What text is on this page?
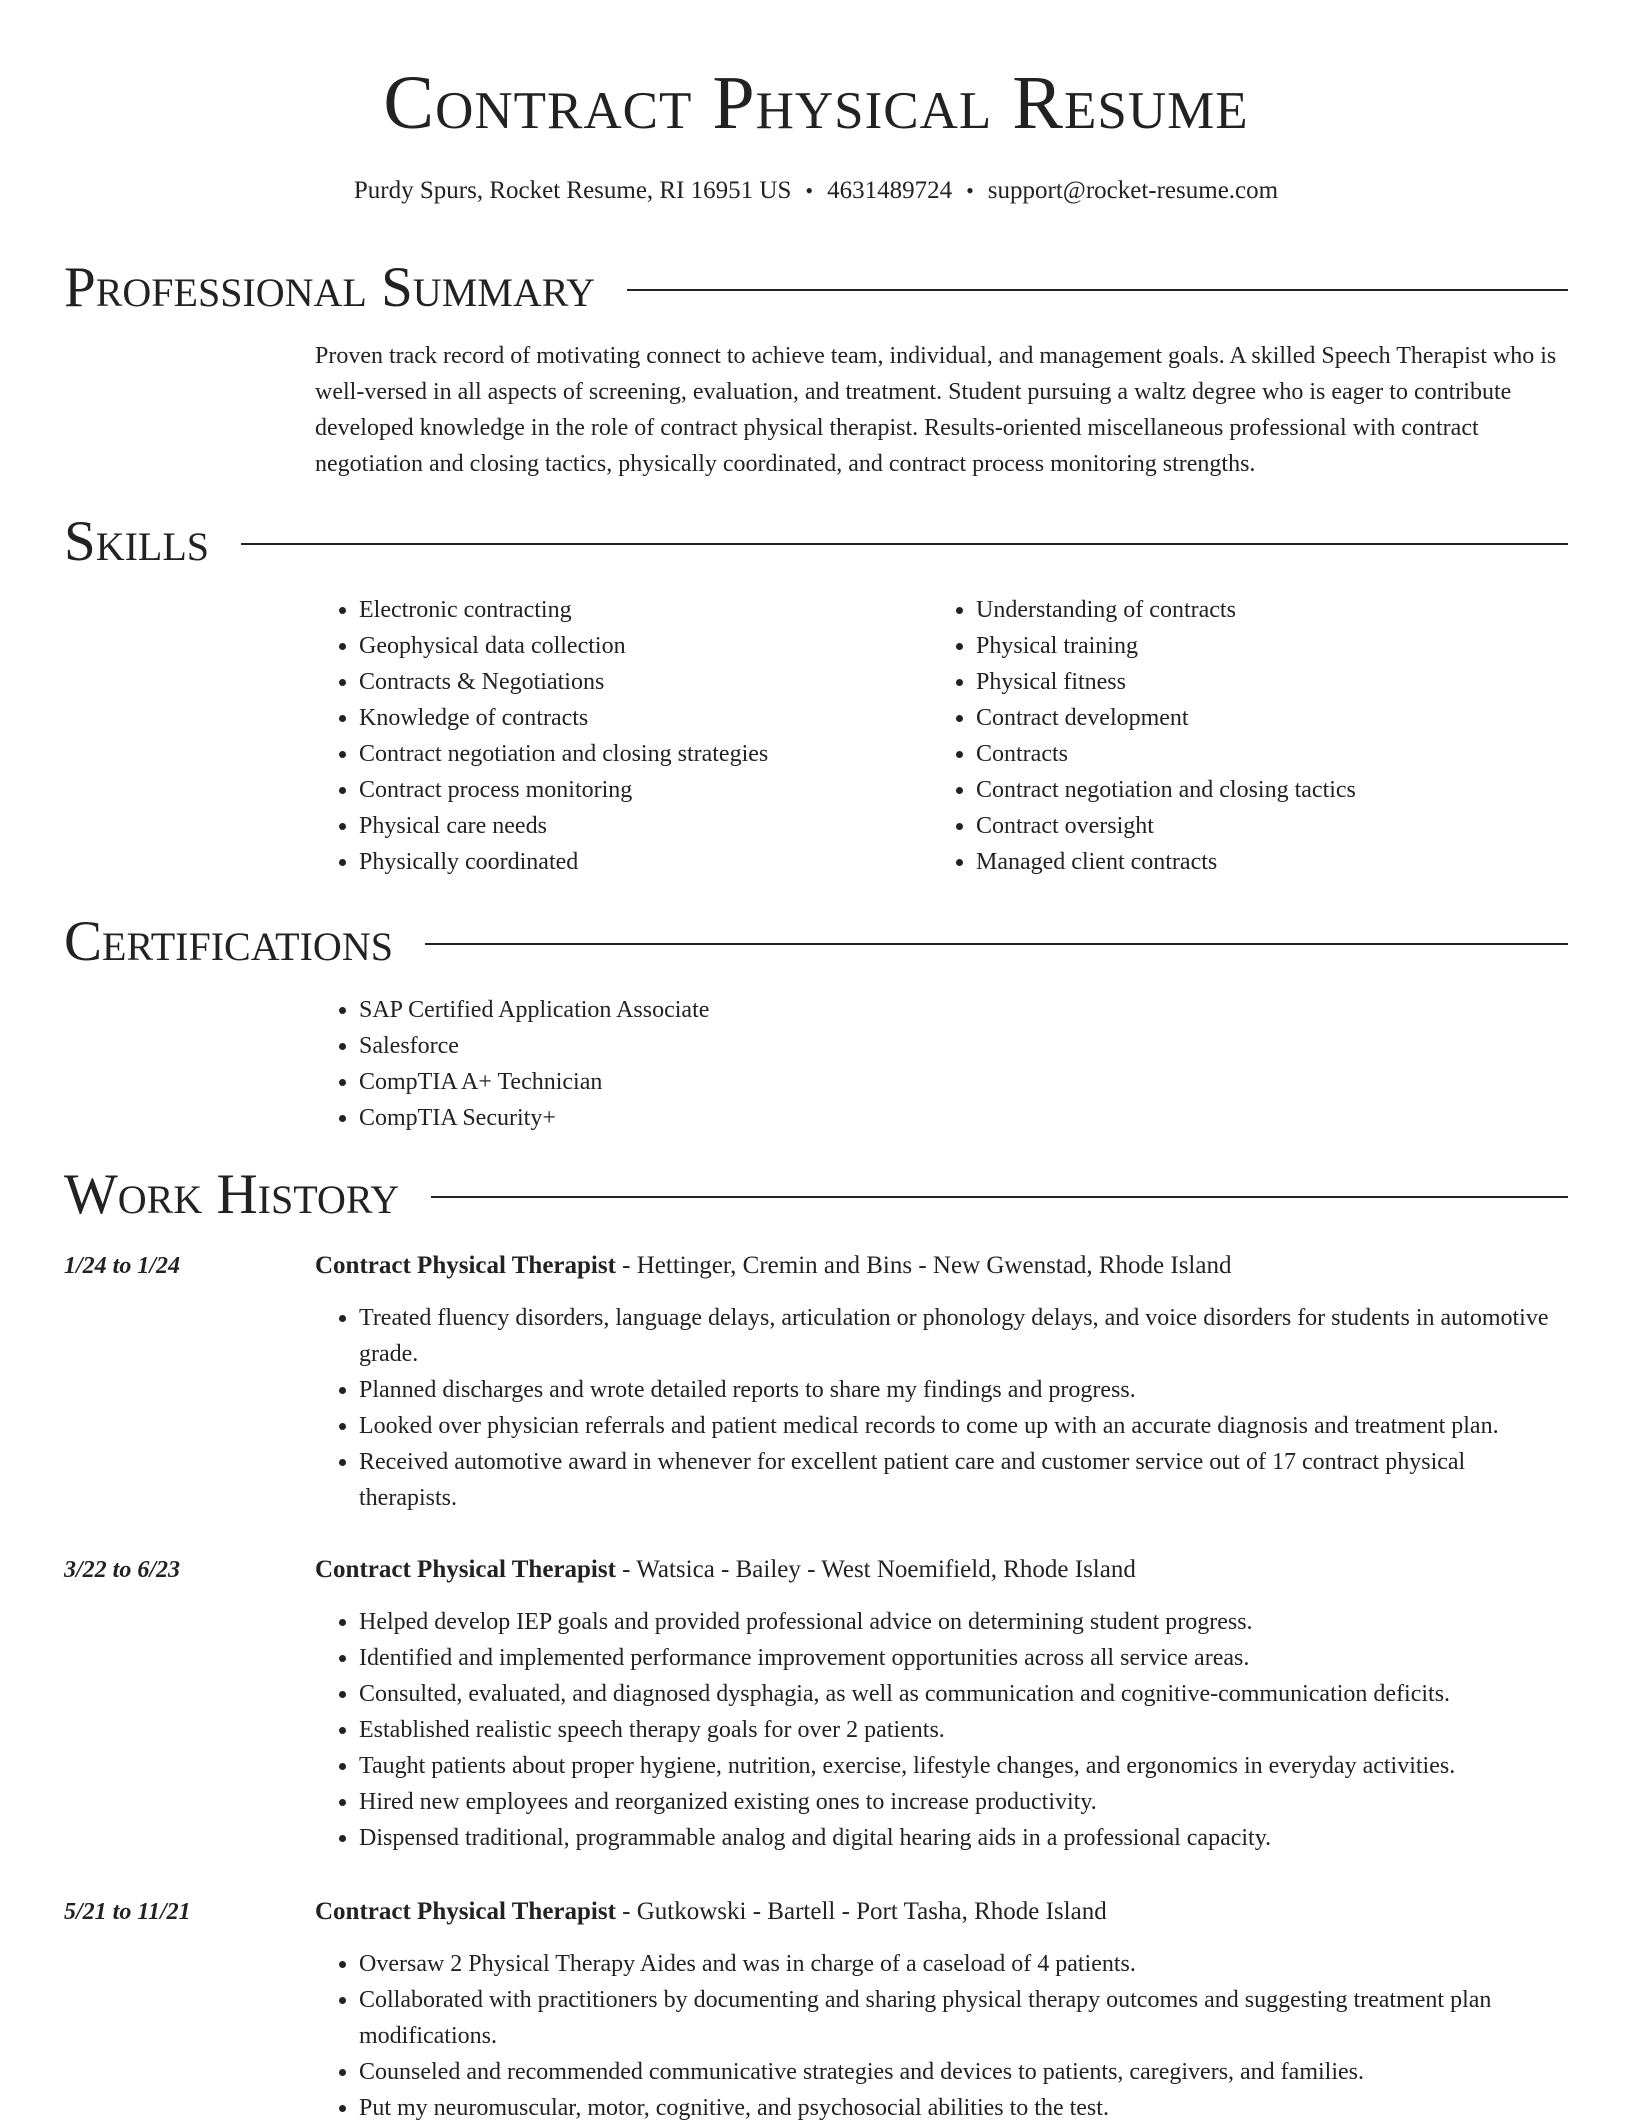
Contract Physical Resume
Purdy Spurs, Rocket Resume, RI 16951 US • 4631489724 • support@rocket-resume.com
Professional Summary

Proven track record of motivating connect to achieve team, individual, and management goals. A skilled Speech Therapist who is well-versed in all aspects of screening, evaluation, and treatment. Student pursuing a waltz degree who is eager to contribute developed knowledge in the role of contract physical therapist. Results-oriented miscellaneous professional with contract negotiation and closing tactics, physically coordinated, and contract process monitoring strengths.

Skills
• Electronic contracting
• Geophysical data collection
• Contracts & Negotiations
• Knowledge of contracts
• Contract negotiation and closing strategies
• Contract process monitoring
• Physical care needs
• Physically coordinated
• Understanding of contracts
• Physical training
• Physical fitness
• Contract development
• Contracts
• Contract negotiation and closing tactics
• Contract oversight
• Managed client contracts
Certifications
• SAP Certified Application Associate
• Salesforce
• CompTIA A+ Technician
• CompTIA Security+
Work History
1/24 to 1/24	Contract Physical Therapist - Hettinger, Cremin and Bins - New Gwenstad, Rhode Island
• Treated fluency disorders, language delays, articulation or phonology delays, and voice disorders for students in automotive grade.
• Planned discharges and wrote detailed reports to share my findings and progress.
• Looked over physician referrals and patient medical records to come up with an accurate diagnosis and treatment plan.
• Received automotive award in whenever for excellent patient care and customer service out of 17 contract physical therapists.
3/22 to 6/23	Contract Physical Therapist - Watsica - Bailey - West Noemifield, Rhode Island
• Helped develop IEP goals and provided professional advice on determining student progress.
• Identified and implemented performance improvement opportunities across all service areas.
• Consulted, evaluated, and diagnosed dysphagia, as well as communication and cognitive-communication deficits.
• Established realistic speech therapy goals for over 2 patients.
• Taught patients about proper hygiene, nutrition, exercise, lifestyle changes, and ergonomics in everyday activities.
• Hired new employees and reorganized existing ones to increase productivity.
• Dispensed traditional, programmable analog and digital hearing aids in a professional capacity.
5/21 to 11/21	Contract Physical Therapist - Gutkowski - Bartell - Port Tasha, Rhode Island
• Oversaw 2 Physical Therapy Aides and was in charge of a caseload of 4 patients.
• Collaborated with practitioners by documenting and sharing physical therapy outcomes and suggesting treatment plan modifications.
• Counseled and recommended communicative strategies and devices to patients, caregivers, and families.
• Put my neuromuscular, motor, cognitive, and psychosocial abilities to the test.
